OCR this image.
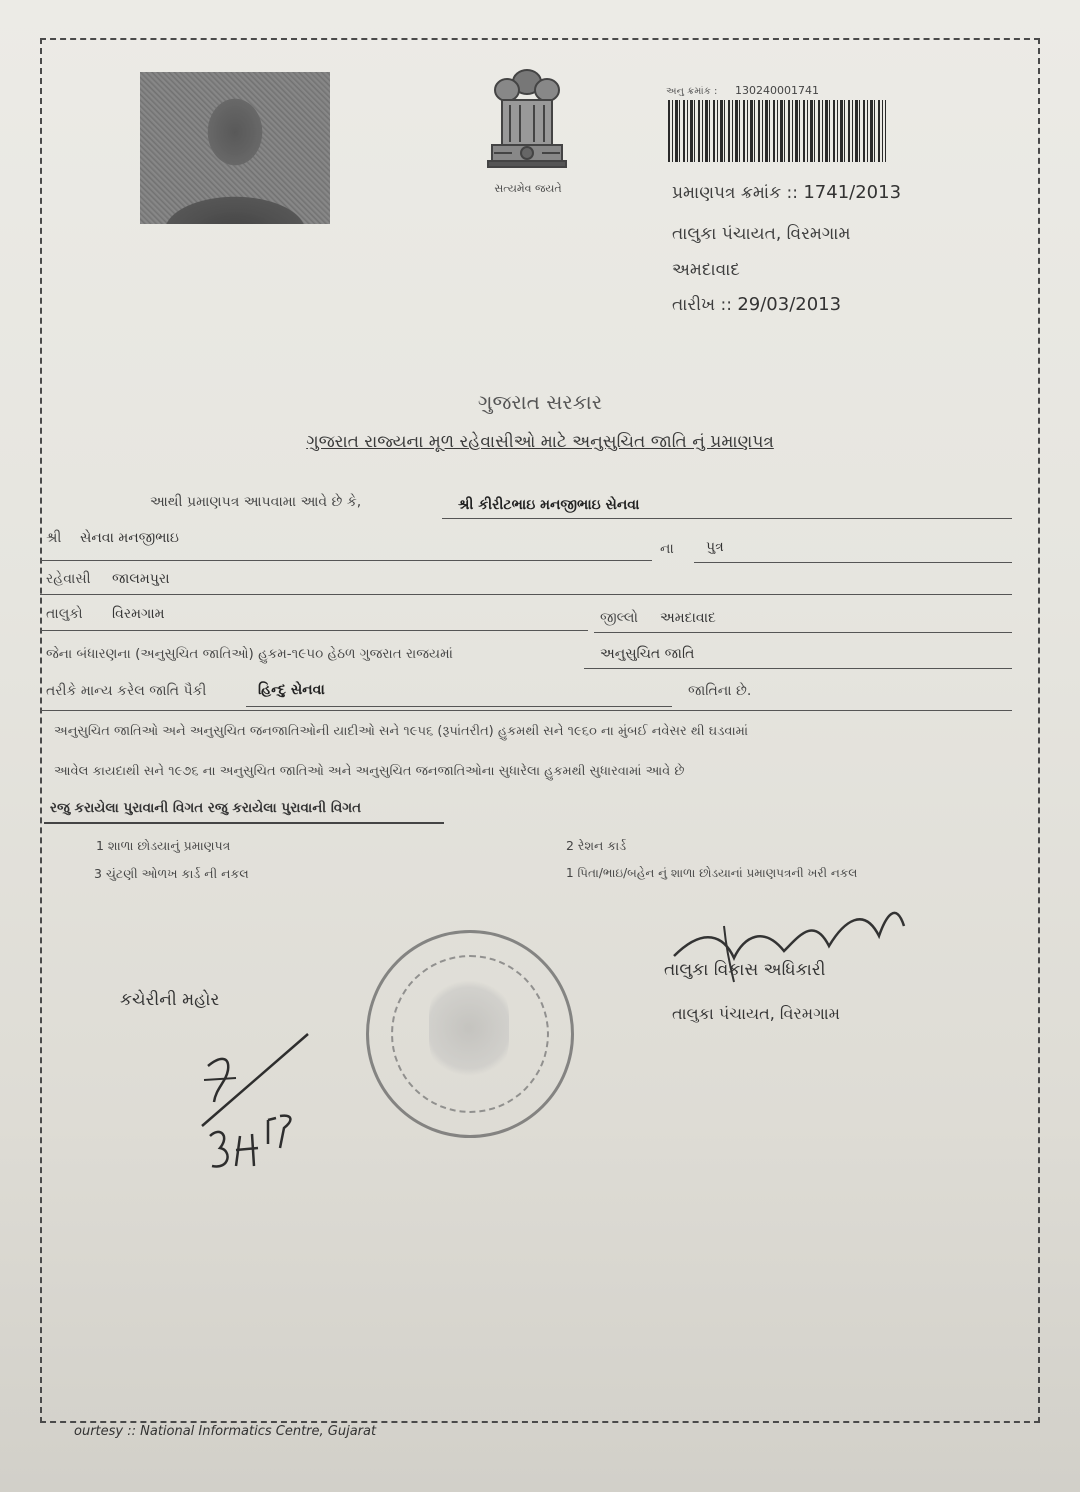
સત્યમેવ જયતે
અનુ ક્રમાંક : 130240001741
પ્રમાણપત્ર ક્રમાંક :: 1741/2013
તાલુકા પંચાયત, વિરમગામ
અમદાવાદ
તારીખ :: 29/03/2013
ગુજરાત સરકાર
ગુજરાત રાજ્યના મૂળ રહેવાસીઓ માટે અનુસુચિત જાતિ નું પ્રમાણપત્ર
આથી પ્રમાણપત્ર આપવામા આવે છે કે,	શ્રી કીરીટભાઇ મનજીભાઇ સેનવા
શ્રી સેનવા મનજીભાઇ
ના પુત્ર
રહેવાસી જાલમપુરા
તાલુકો વિરમગામ	જીલ્લો અમદાવાદ
જેના બંધારણના (અનુસુચિત જાતિઓ) હુકમ-૧૯૫૦ હેઠળ ગુજરાત રાજયમાં	અનુસુચિત જાતિ
તરીકે માન્ય કરેલ જાતિ પૈકી	હિન્દુ સેનવા	જાતિના છે.
અનુસુચિત જાતિઓ અને અનુસુચિત જનજાતિઓની યાદીઓ સને ૧૯૫૬ (રૂપાંતરીત) હુકમથી સને ૧૯૬૦ ના મુંબઈ નવેસર થી ઘડવામાં
આવેલ કાયદાથી સને ૧૯૭૬ ના અનુસુચિત જાતિઓ અને અનુસુચિત જનજાતિઓના સુધારેલા હુકમથી સુધારવામાં આવે છે
રજુ કરાયેલા પુરાવાની વિગત રજુ કરાયેલા પુરાવાની વિગત
1 શાળા છોડયાનું પ્રમાણપત્ર	2 રેશન કાર્ડ
3 ચુંટણી ઓળખ કાર્ડ ની નકલ	1 પિતા/ભાઇ/બહેન નું શાળા છોડયાનાં પ્રમાણપત્રની ખરી નકલ
કચેરીની મહોર
તાલુકા વિકાસ અધિકારી
તાલુકા પંચાયત, વિરમગામ
ourtesy :: National Informatics Centre, Gujarat
